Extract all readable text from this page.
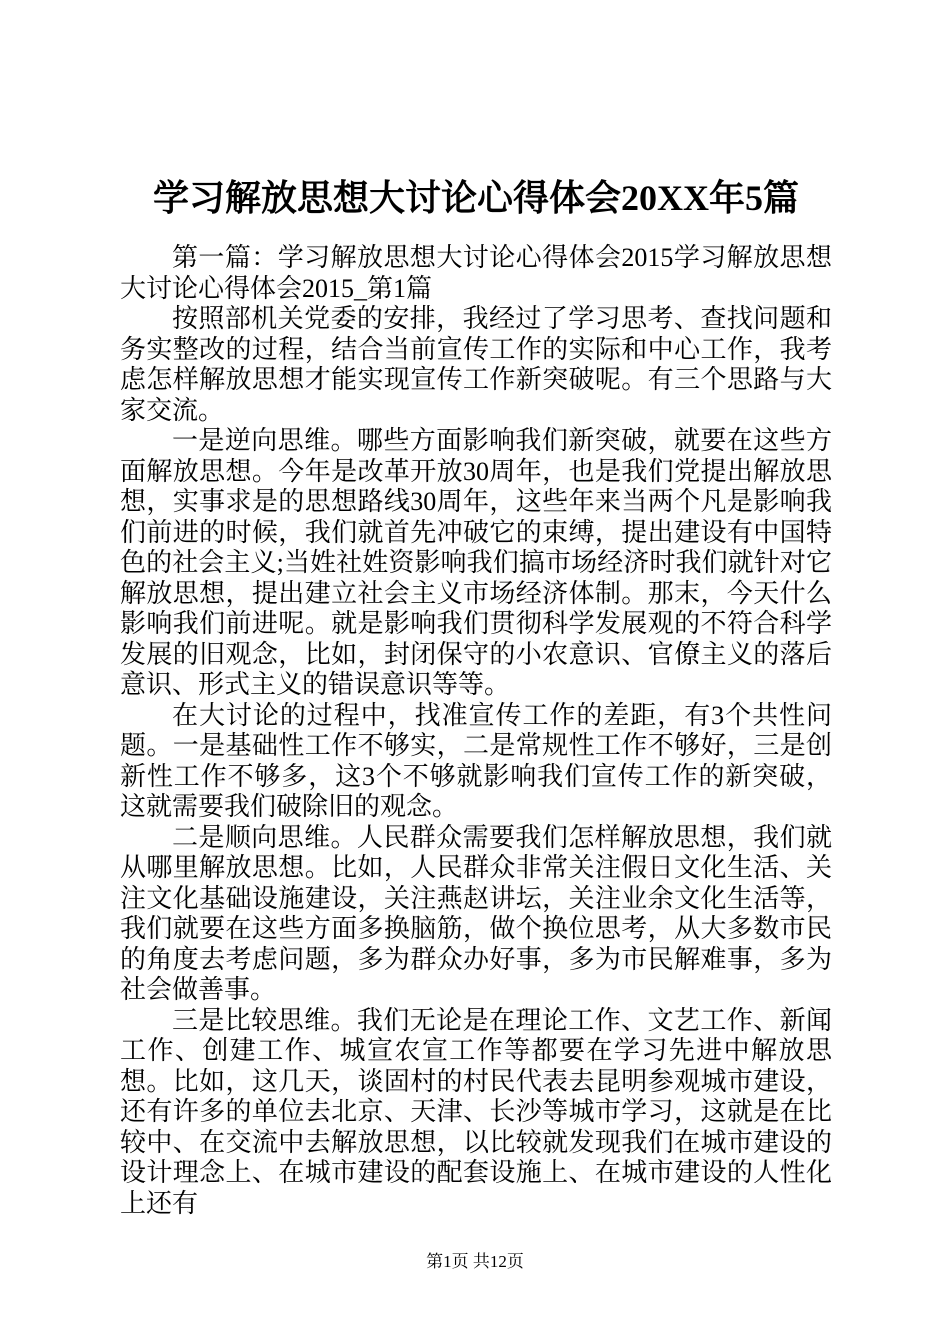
学习解放思想大讨论心得体会20XX年5篇

第一篇：学习解放思想大讨论心得体会2015学习解放思想大讨论心得体会2015_第1篇

按照部机关党委的安排，我经过了学习思考、查找问题和务实整改的过程，结合当前宣传工作的实际和中心工作，我考虑怎样解放思想才能实现宣传工作新突破呢。有三个思路与大家交流。

一是逆向思维。哪些方面影响我们新突破，就要在这些方面解放思想。今年是改革开放30周年，也是我们党提出解放思想，实事求是的思想路线30周年，这些年来当两个凡是影响我们前进的时候，我们就首先冲破它的束缚，提出建设有中国特色的社会主义;当姓社姓资影响我们搞市场经济时我们就针对它解放思想，提出建立社会主义市场经济体制。那末，今天什么影响我们前进呢。就是影响我们贯彻科学发展观的不符合科学发展的旧观念，比如，封闭保守的小农意识、官僚主义的落后意识、形式主义的错误意识等等。

在大讨论的过程中，找准宣传工作的差距，有3个共性问题。一是基础性工作不够实，二是常规性工作不够好，三是创新性工作不够多，这3个不够就影响我们宣传工作的新突破，这就需要我们破除旧的观念。

二是顺向思维。人民群众需要我们怎样解放思想，我们就从哪里解放思想。比如，人民群众非常关注假日文化生活、关注文化基础设施建设，关注燕赵讲坛，关注业余文化生活等，我们就要在这些方面多换脑筋，做个换位思考，从大多数市民的角度去考虑问题，多为群众办好事，多为市民解难事，多为社会做善事。

三是比较思维。我们无论是在理论工作、文艺工作、新闻工作、创建工作、城宣农宣工作等都要在学习先进中解放思想。比如，这几天，谈固村的村民代表去昆明参观城市建设，还有许多的单位去北京、天津、长沙等城市学习，这就是在比较中、在交流中去解放思想，以比较就发现我们在城市建设的设计理念上、在城市建设的配套设施上、在城市建设的人性化上还有

第1页 共12页
